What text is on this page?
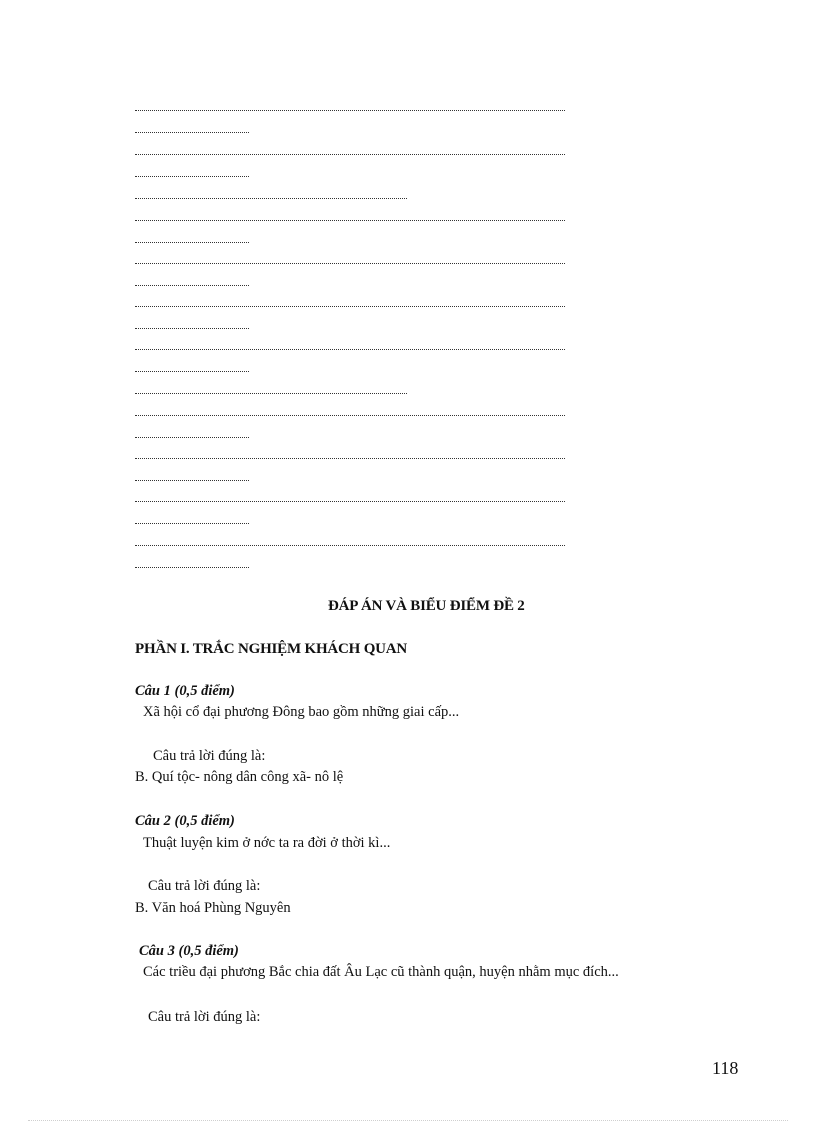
ĐÁP ÁN VÀ BIỂU ĐIỂM ĐỀ 2
PHẦN I. TRẮC NGHIỆM KHÁCH QUAN
Câu 1 (0,5 điểm)
Xã hội cổ đại phương Đông bao gồm những giai cấp...
Câu trả lời đúng là:
B. Quí tộc- nông dân công xã- nô lệ
Câu 2 (0,5 điểm)
Thuật luyện kim ở nớc ta ra đời ở thời kì...
Câu trả lời đúng là:
B. Văn hoá Phùng Nguyên
Câu 3 (0,5 điểm)
Các triều đại phương Bắc chia đất Âu Lạc cũ thành quận, huyện nhằm mục đích...
Câu trả lời đúng là:
118
